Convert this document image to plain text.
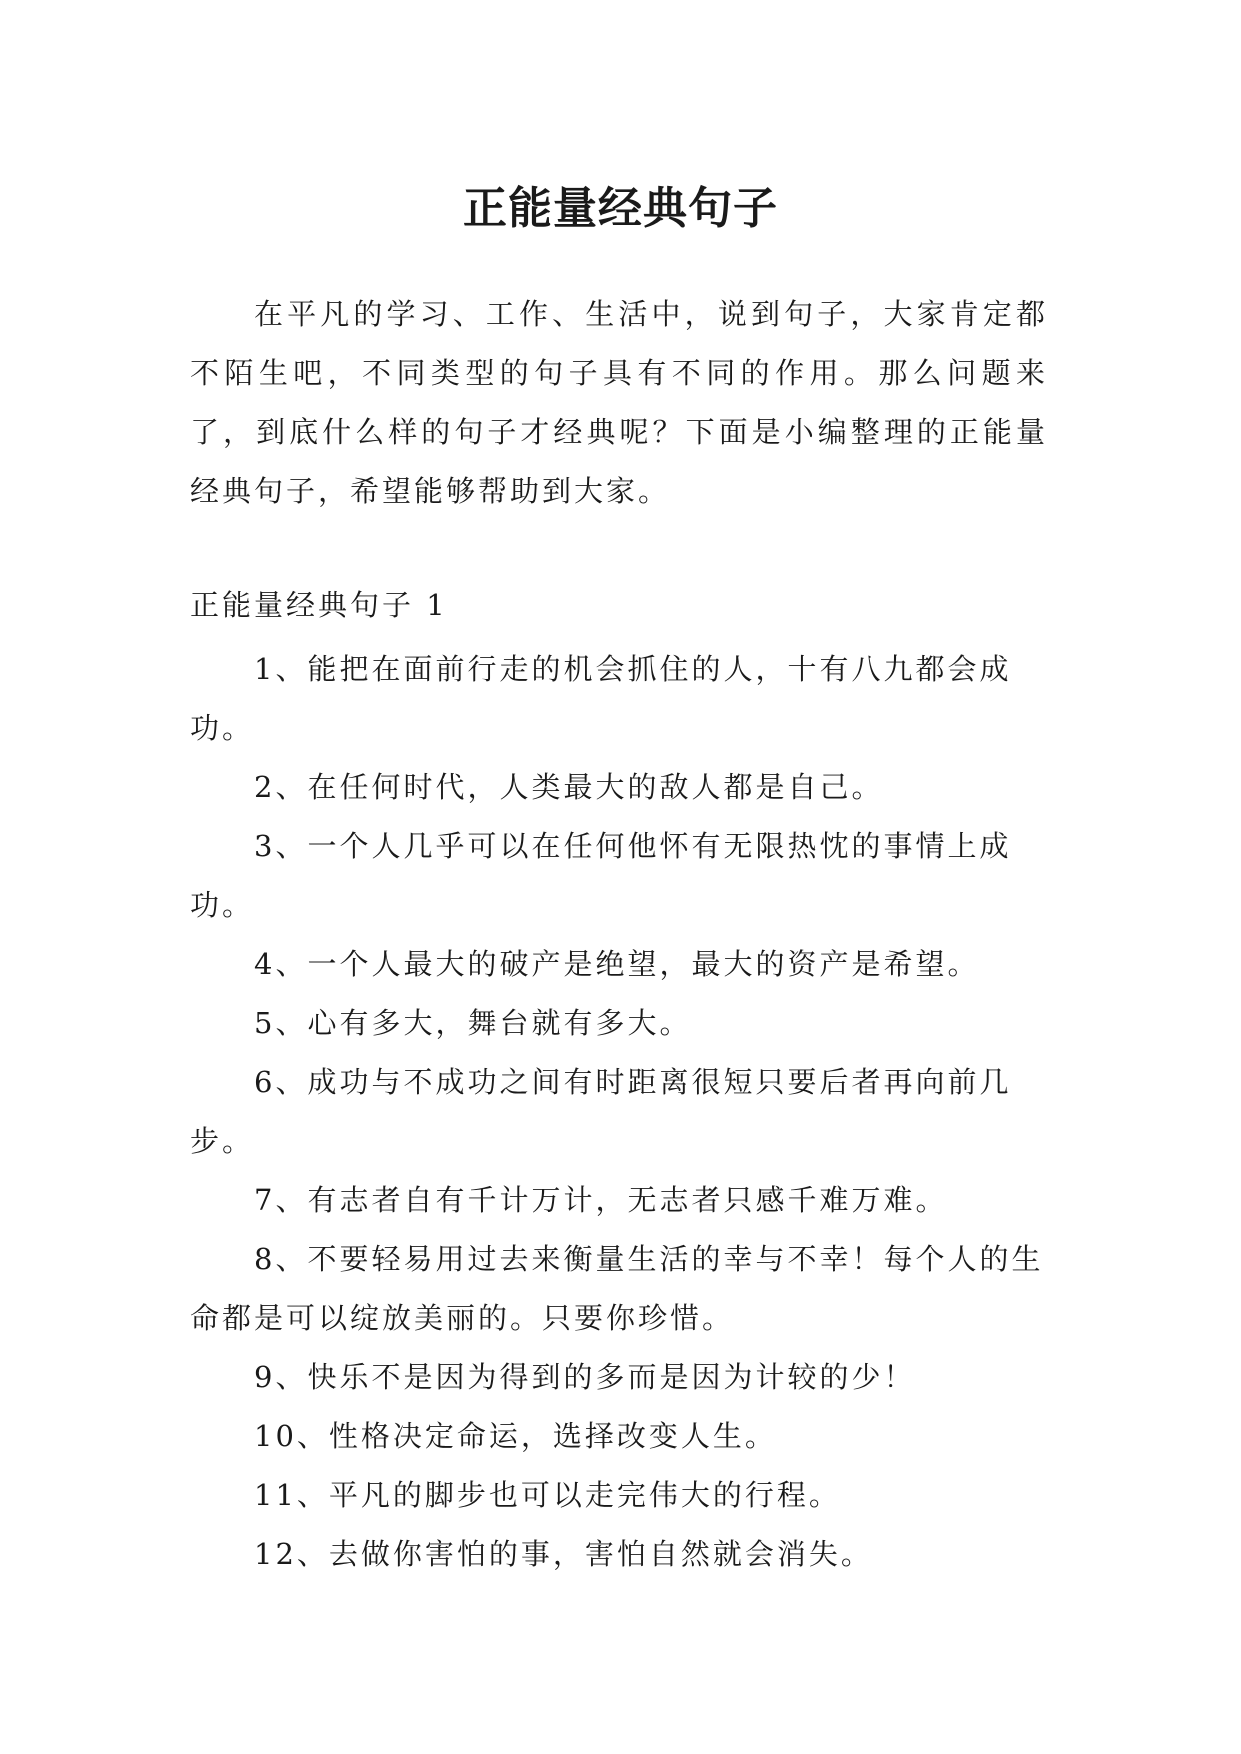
正能量经典句子

在平凡的学习、工作、生活中，说到句子，大家肯定都不陌生吧，不同类型的句子具有不同的作用。那么问题来了，到底什么样的句子才经典呢？下面是小编整理的正能量经典句子，希望能够帮助到大家。

正能量经典句子 1
1、能把在面前行走的机会抓住的人，十有八九都会成功。
2、在任何时代，人类最大的敌人都是自己。
3、一个人几乎可以在任何他怀有无限热忱的事情上成功。
4、一个人最大的破产是绝望，最大的资产是希望。
5、心有多大，舞台就有多大。
6、成功与不成功之间有时距离很短只要后者再向前几步。
7、有志者自有千计万计，无志者只感千难万难。
8、不要轻易用过去来衡量生活的幸与不幸！每个人的生命都是可以绽放美丽的。只要你珍惜。
9、快乐不是因为得到的多而是因为计较的少！
10、性格决定命运，选择改变人生。
11、平凡的脚步也可以走完伟大的行程。
12、去做你害怕的事，害怕自然就会消失。
